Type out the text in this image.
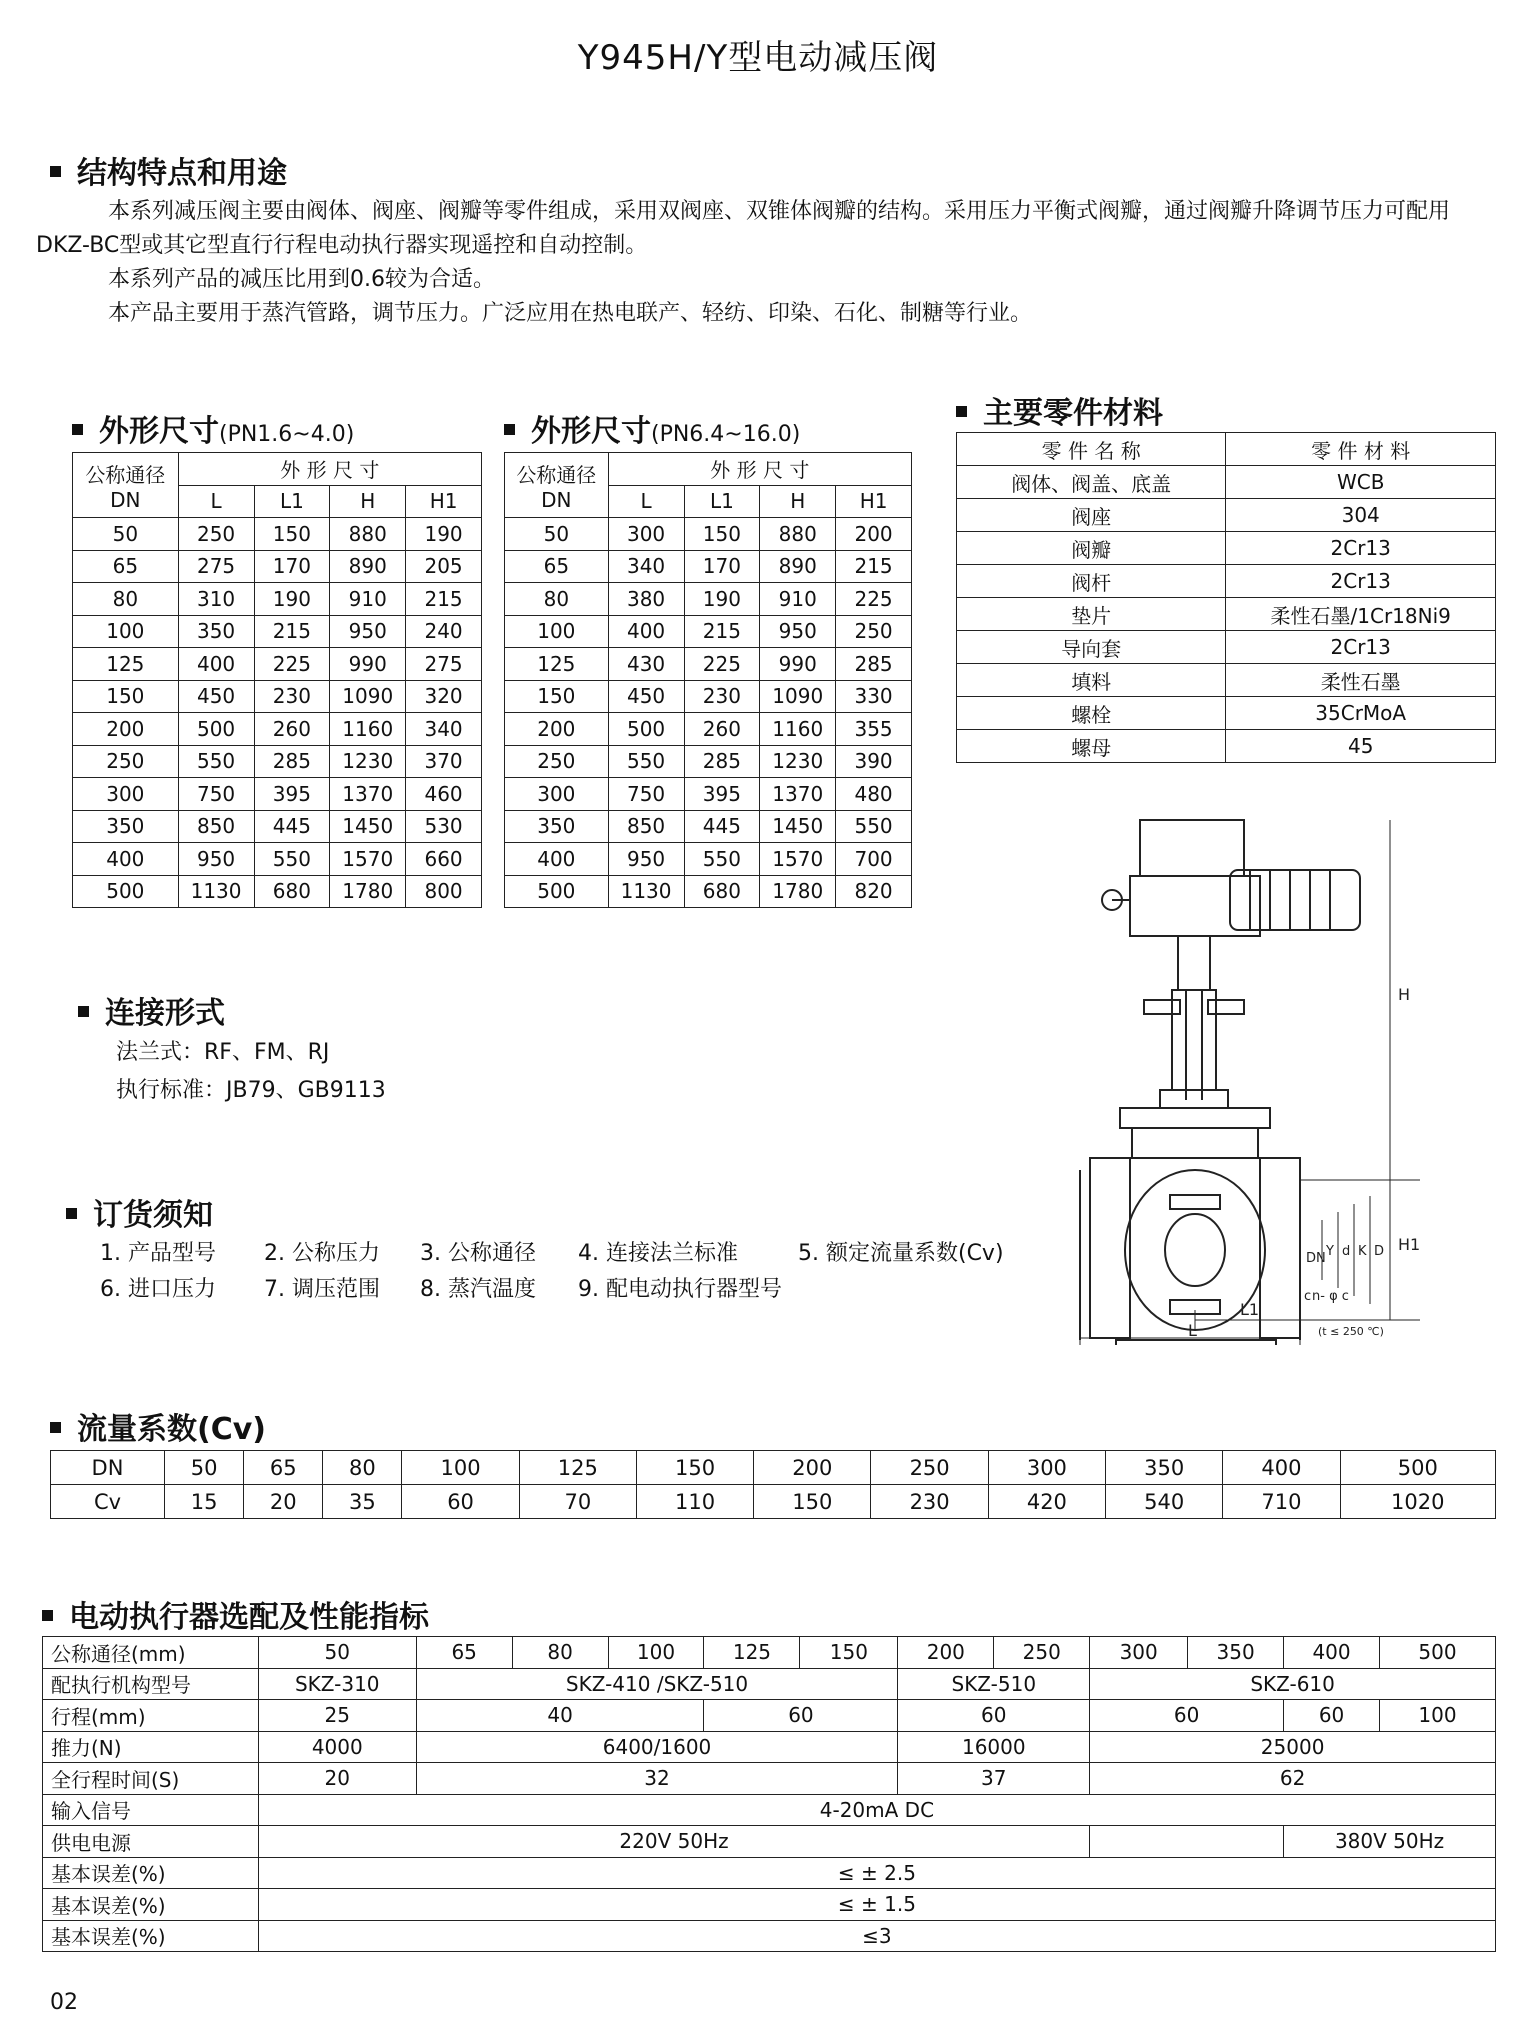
Y945H/Y型电动减压阀
结构特点和用途

本系列减压阀主要由阀体、阀座、阀瓣等零件组成，采用双阀座、双锥体阀瓣的结构。采用压力平衡式阀瓣，通过阀瓣升降调节压力可配用DKZ-BC型或其它型直行行程电动执行器实现遥控和自动控制。

本系列产品的减压比用到0.6较为合适。

本产品主要用于蒸汽管路，调节压力。广泛应用在热电联产、轻纺、印染、石化、制糖等行业。

外形尺寸(PN1.6~4.0)
公称通径
DN	外 形 尺 寸			
	L	L1	H	H1
50	250	150	880	190
65	275	170	890	205
80	310	190	910	215
100	350	215	950	240
125	400	225	990	275
150	450	230	1090	320
200	500	260	1160	340
250	550	285	1230	370
300	750	395	1370	460
350	850	445	1450	530
400	950	550	1570	660
500	1130	680	1780	800
外形尺寸(PN6.4~16.0)
公称通径
DN	外 形 尺 寸			
	L	L1	H	H1
50	300	150	880	200
65	340	170	890	215
80	380	190	910	225
100	400	215	950	250
125	430	225	990	285
150	450	230	1090	330
200	500	260	1160	355
250	550	285	1230	390
300	750	395	1370	480
350	850	445	1450	550
400	950	550	1570	700
500	1130	680	1780	820
主要零件材料
零 件 名 称	零 件 材 料
阀体、阀盖、底盖	WCB
阀座	304
阀瓣	2Cr13
阀杆	2Cr13
垫片	柔性石墨/1Cr18Ni9
导向套	2Cr13
填料	柔性石墨
螺栓	35CrMoA
螺母	45
连接形式

法兰式：RF、FM、RJ

执行标准：JB79、GB9113

订货须知
1. 产品型号 2. 公称压力 3. 公称通径 4. 连接法兰标准	5. 额定流量系数(Cv)
6. 进口压力 7. 调压范围 8. 蒸汽温度 9. 配电动执行器型号
H
H1
DN Y d K D
L1
L
n- φ c
c
(t ≤ 250 ℃)
流量系数(Cv)
DN	50	65	80	100	125	150	200	250	300	350	400	500
Cv	15	20	35	60	70	110	150	230	420	540	710	1020
电动执行器选配及性能指标
公称通径(mm)	50	65	80	100	125	150	200	250	300	350	400	500
配执行机构型号	SKZ-310	SKZ-410 /SKZ-510					SKZ-510		SKZ-610			
行程(mm)	25	40			60		60		60		60	100
推力(N)	4000	6400/1600					16000		25000			
全行程时间(S)	20	32					37		62			
输入信号	4-20mA DC											
供电电源	220V 50Hz										380V 50Hz	
基本误差(%)	≤ ± 2.5											
基本误差(%)	≤ ± 1.5											
基本误差(%)	≤3											
02
